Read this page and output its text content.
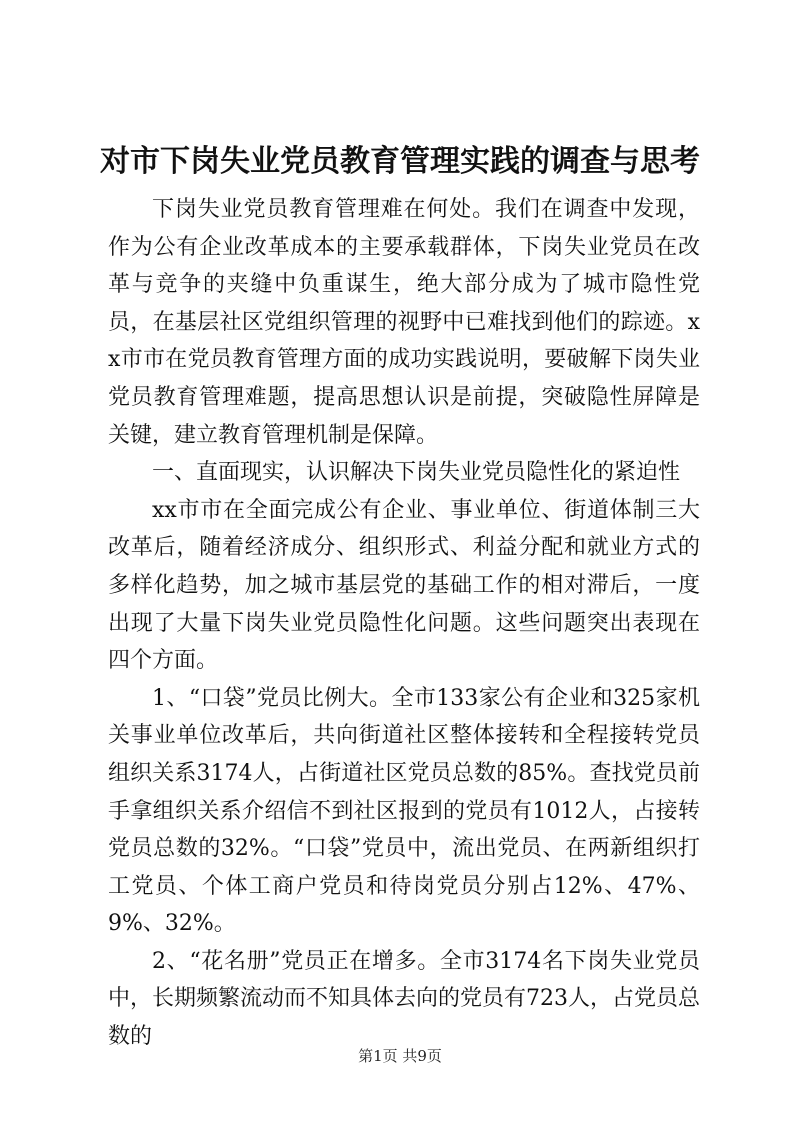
对市下岗失业党员教育管理实践的调查与思考

下岗失业党员教育管理难在何处。我们在调查中发现，作为公有企业改革成本的主要承载群体，下岗失业党员在改革与竞争的夹缝中负重谋生，绝大部分成为了城市隐性党员，在基层社区党组织管理的视野中已难找到他们的踪迹。xx市市在党员教育管理方面的成功实践说明，要破解下岗失业党员教育管理难题，提高思想认识是前提，突破隐性屏障是关键，建立教育管理机制是保障。

一、直面现实，认识解决下岗失业党员隐性化的紧迫性

xx市市在全面完成公有企业、事业单位、街道体制三大改革后，随着经济成分、组织形式、利益分配和就业方式的多样化趋势，加之城市基层党的基础工作的相对滞后，一度出现了大量下岗失业党员隐性化问题。这些问题突出表现在四个方面。

1、“口袋”党员比例大。全市133家公有企业和325家机关事业单位改革后，共向街道社区整体接转和全程接转党员组织关系3174人，占街道社区党员总数的85%。查找党员前手拿组织关系介绍信不到社区报到的党员有1012人，占接转党员总数的32%。“口袋”党员中，流出党员、在两新组织打工党员、个体工商户党员和待岗党员分别占12%、47%、9%、32%。

2、“花名册”党员正在增多。全市3174名下岗失业党员中，长期频繁流动而不知具体去向的党员有723人，占党员总数的

第1页 共9页
